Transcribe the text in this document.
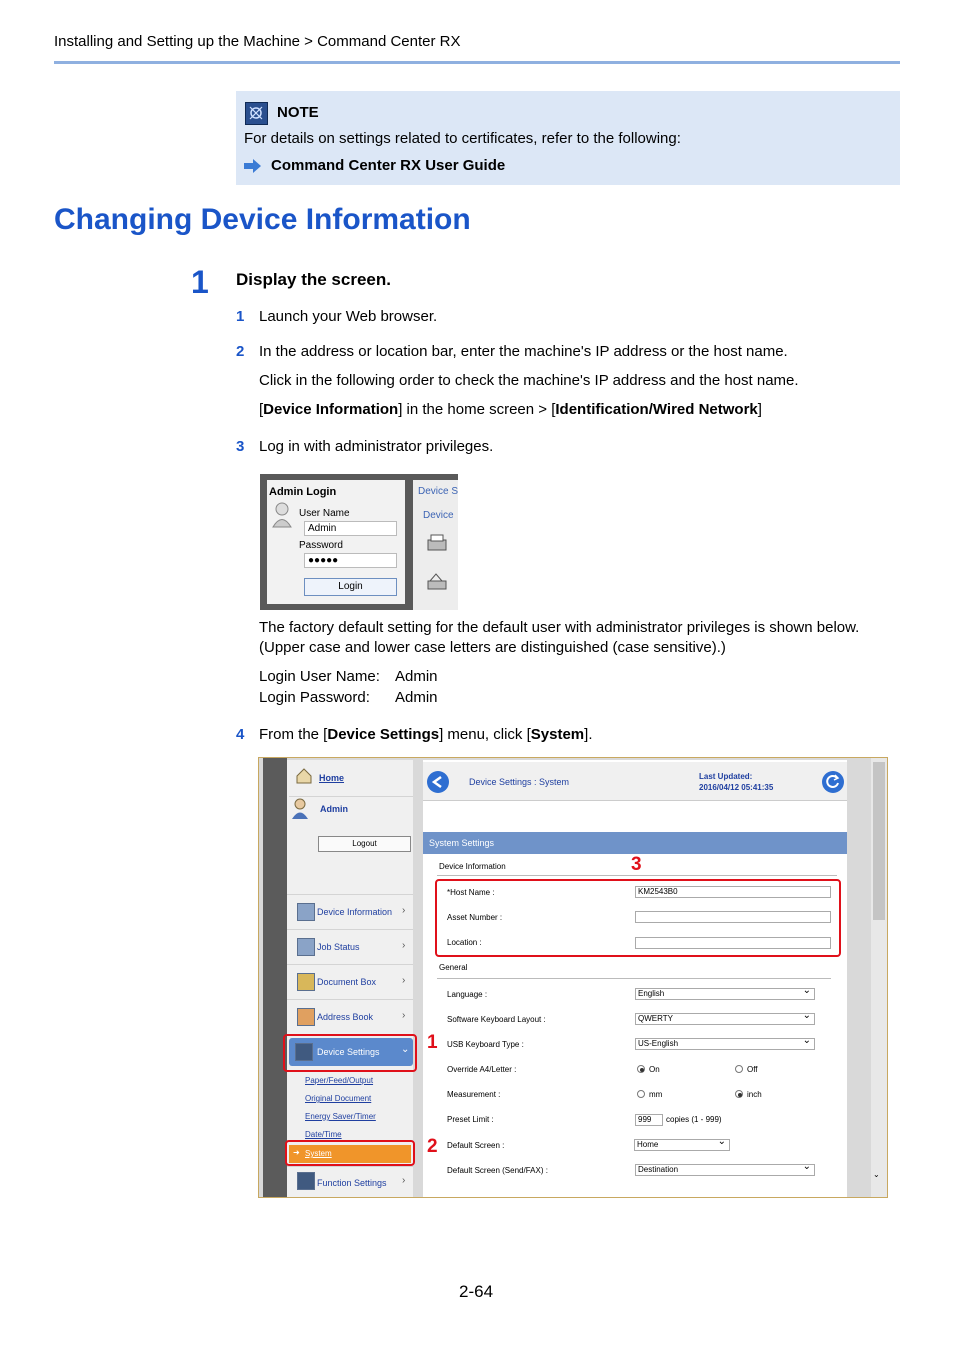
Installing and Setting up the Machine > Command Center RX
NOTE
For details on settings related to certificates, refer to the following:
Command Center RX User Guide
Changing Device Information
1 Display the screen.
1 Launch your Web browser.
2 In the address or location bar, enter the machine's IP address or the host name.
Click in the following order to check the machine's IP address and the host name.
[Device Information] in the home screen > [Identification/Wired Network]
3 Log in with administrator privileges.
Admin Login
User Name
Admin
Password
●●●●●
Login
Device S
Device
The factory default setting for the default user with administrator privileges is shown below.
(Upper case and lower case letters are distinguished (case sensitive).)
Login User Name: Admin
Login Password: Admin
4 From the [Device Settings] menu, click [System].
⌄
Home
Admin
Logout
Device Information ›
Job Status	›
Document Box	›
Address Book	›
Device Settings ⌄
Paper/Feed/Output
Original Document
Energy Saver/Timer
Date/Time
➜ System
Function Settings ›
Device Settings : System
Last Updated:
2016/04/12 05:41:35
System Settings
Device Information
*Host Name :	KM2543B0
Asset Number :
Location :
General
Language :	English ⌄
Software Keyboard Layout :	QWERTY ⌄
USB Keyboard Type :	US-English ⌄
Override A4/Letter :	On	Off
Measurement :	mm	inch
Preset Limit :	999	copies (1 - 999)
Default Screen :	Home ⌄
Default Screen (Send/FAX) :	Destination ⌄
1
2
3
2-64
